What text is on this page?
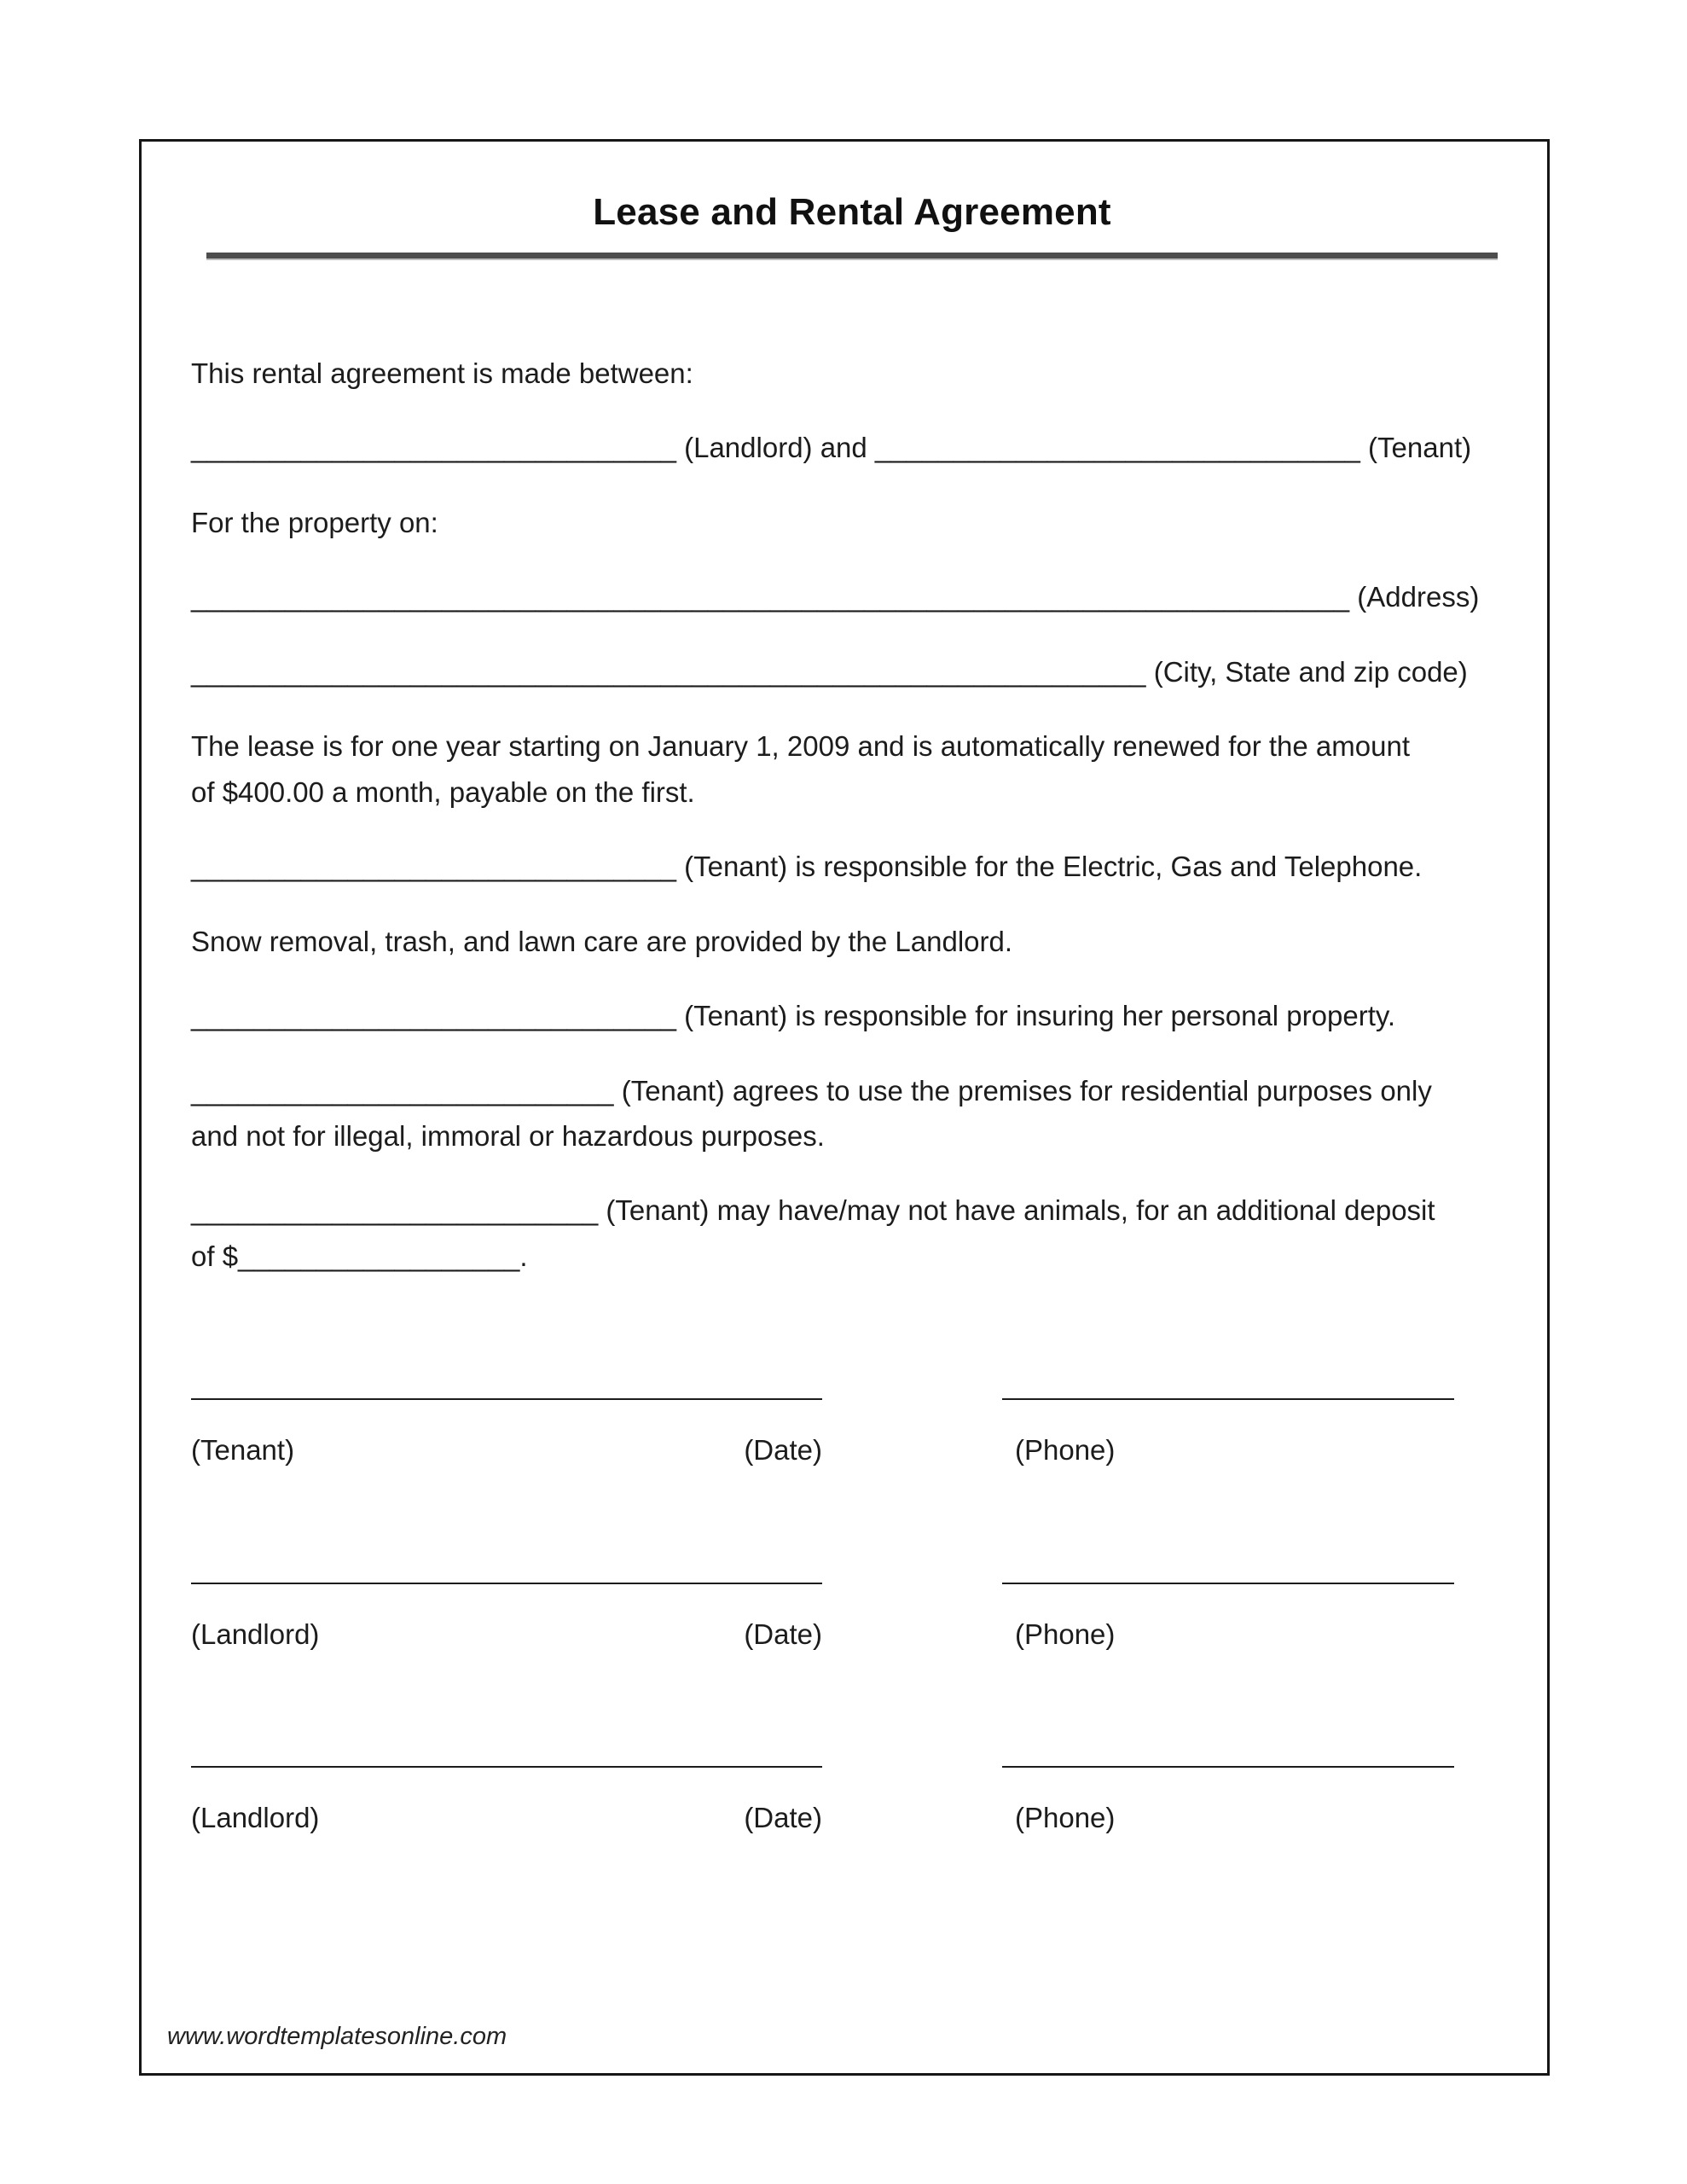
Lease and Rental Agreement

This rental agreement is made between:

_______________________________ (Landlord) and _______________________________ (Tenant)

For the property on:

__________________________________________________________________________ (Address)

_____________________________________________________________ (City, State and zip code)

The lease is for one year starting on January 1, 2009 and is automatically renewed for the amount
of $400.00 a month, payable on the first.

_______________________________ (Tenant) is responsible for the Electric, Gas and Telephone.

Snow removal, trash, and lawn care are provided by the Landlord.

_______________________________ (Tenant) is responsible for insuring her personal property.

___________________________ (Tenant) agrees to use the premises for residential purposes only
and not for illegal, immoral or hazardous purposes.

__________________________ (Tenant) may have/may not have animals, for an additional deposit
of $__________________.

(Tenant)	(Date)	(Phone)
(Landlord)	(Date)	(Phone)
(Landlord)	(Date)	(Phone)
www.wordtemplatesonline.com
